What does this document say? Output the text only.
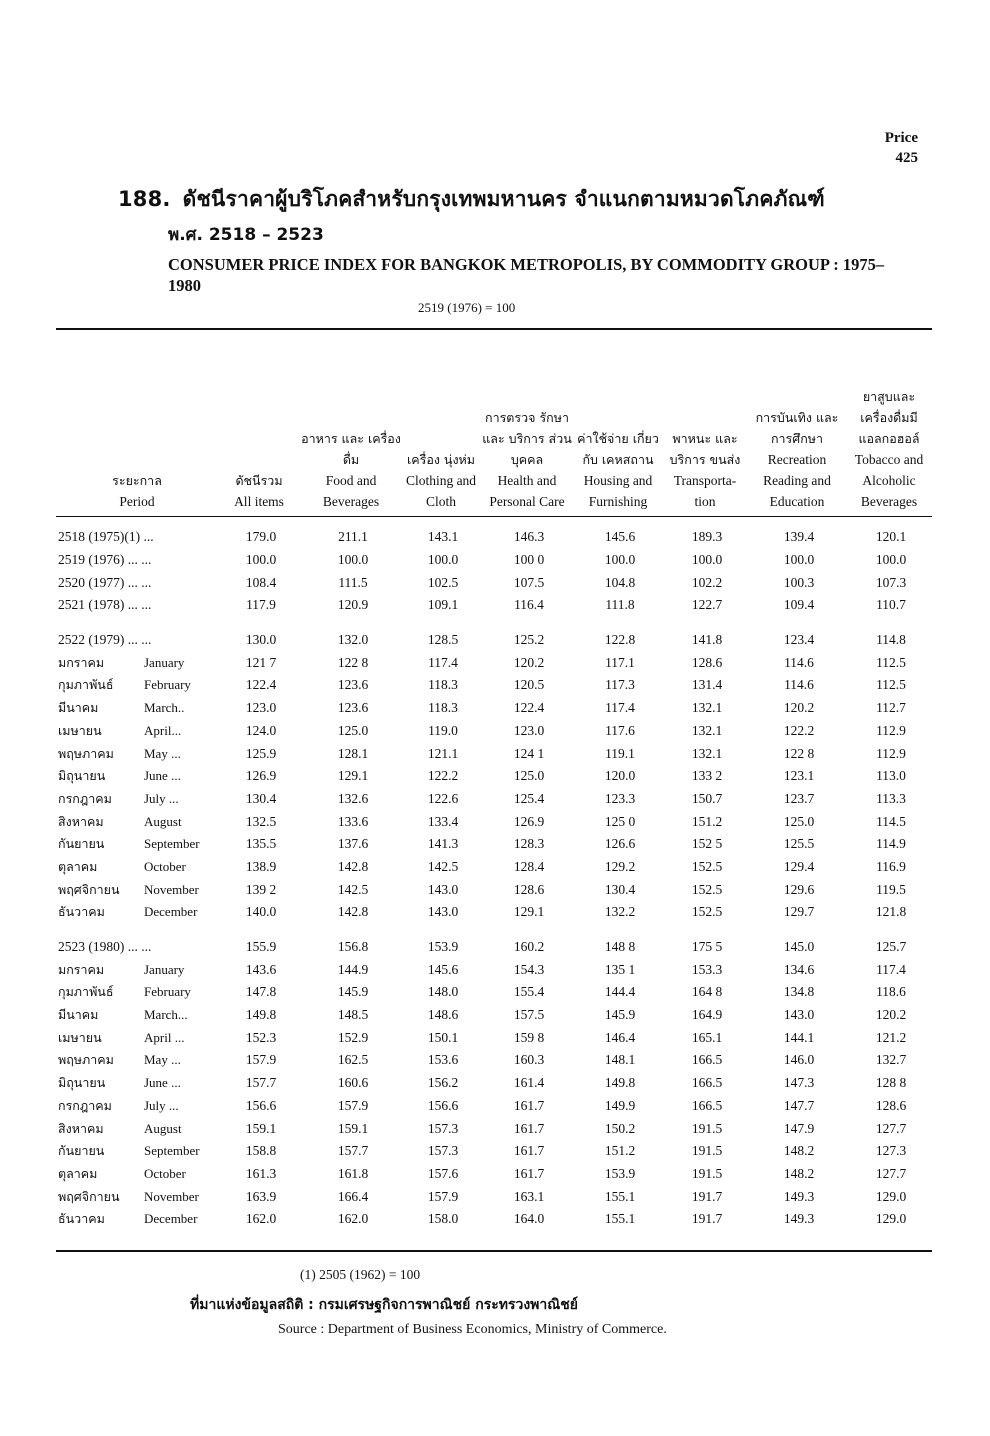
Price
425
188. ดัชนีราคาผู้บริโภคสำหรับกรุงเทพมหานคร จำแนกตามหมวดโภคภัณฑ์
พ.ศ. 2518 – 2523
CONSUMER PRICE INDEX FOR BANGKOK METROPOLIS, BY COMMODITY GROUP : 1975–1980
2519 (1976) = 100
ระยะกาล
Period
ดัชนีรวม
All items
อาหาร และ เครื่องดื่ม
Food and Beverages
เครื่อง นุ่งห่ม
Clothing and Cloth
การตรวจ รักษาและ บริการ ส่วนบุคคล
Health and Personal Care
ค่าใช้จ่าย เกี่ยวกับ เคหสถาน
Housing and Furnishing
พาหนะ และบริการ ขนส่ง
Transporta- tion
การบันเทิง และ การศึกษา
Recreation Reading and Education
ยาสูบและ เครื่องดื่มมี แอลกอฮอล์
Tobacco and Alcoholic Beverages
2518 (1975)(1) ...	179.0	211.1	143.1	146.3	145.6	189.3	139.4	120.1
2519 (1976) ... ...	100.0	100.0	100.0	100 0	100.0	100.0	100.0	100.0
2520 (1977) ... ...	108.4	111.5	102.5	107.5	104.8	102.2	100.3	107.3
2521 (1978) ... ...	117.9	120.9	109.1	116.4	111.8	122.7	109.4	110.7

2522 (1979) ... ...	130.0	132.0	128.5	125.2	122.8	141.8	123.4	114.8
มกราคม January	121 7	122 8	117.4	120.2	117.1	128.6	114.6	112.5
กุมภาพันธ์ February	122.4	123.6	118.3	120.5	117.3	131.4	114.6	112.5
มีนาคม March..	123.0	123.6	118.3	122.4	117.4	132.1	120.2	112.7
เมษายน April...	124.0	125.0	119.0	123.0	117.6	132.1	122.2	112.9
พฤษภาคม May ...	125.9	128.1	121.1	124 1	119.1	132.1	122 8	112.9
มิถุนายน June ...	126.9	129.1	122.2	125.0	120.0	133 2	123.1	113.0
กรกฎาคม July ...	130.4	132.6	122.6	125.4	123.3	150.7	123.7	113.3
สิงหาคม August	132.5	133.6	133.4	126.9	125 0	151.2	125.0	114.5
กันยายน September	135.5	137.6	141.3	128.3	126.6	152 5	125.5	114.9
ตุลาคม October	138.9	142.8	142.5	128.4	129.2	152.5	129.4	116.9
พฤศจิกายน November	139 2	142.5	143.0	128.6	130.4	152.5	129.6	119.5
ธันวาคม December	140.0	142.8	143.0	129.1	132.2	152.5	129.7	121.8

2523 (1980) ... ...	155.9	156.8	153.9	160.2	148 8	175 5	145.0	125.7
มกราคม January	143.6	144.9	145.6	154.3	135 1	153.3	134.6	117.4
กุมภาพันธ์ February	147.8	145.9	148.0	155.4	144.4	164 8	134.8	118.6
มีนาคม March...	149.8	148.5	148.6	157.5	145.9	164.9	143.0	120.2
เมษายน April ...	152.3	152.9	150.1	159 8	146.4	165.1	144.1	121.2
พฤษภาคม May ...	157.9	162.5	153.6	160.3	148.1	166.5	146.0	132.7
มิถุนายน June ...	157.7	160.6	156.2	161.4	149.8	166.5	147.3	128 8
กรกฎาคม July ...	156.6	157.9	156.6	161.7	149.9	166.5	147.7	128.6
สิงหาคม August	159.1	159.1	157.3	161.7	150.2	191.5	147.9	127.7
กันยายน September	158.8	157.7	157.3	161.7	151.2	191.5	148.2	127.3
ตุลาคม October	161.3	161.8	157.6	161.7	153.9	191.5	148.2	127.7
พฤศจิกายน November	163.9	166.4	157.9	163.1	155.1	191.7	149.3	129.0
ธันวาคม December	162.0	162.0	158.0	164.0	155.1	191.7	149.3	129.0
(1) 2505 (1962) = 100
ที่มาแห่งข้อมูลสถิติ : กรมเศรษฐกิจการพาณิชย์ กระทรวงพาณิชย์
Source : Department of Business Economics, Ministry of Commerce.
